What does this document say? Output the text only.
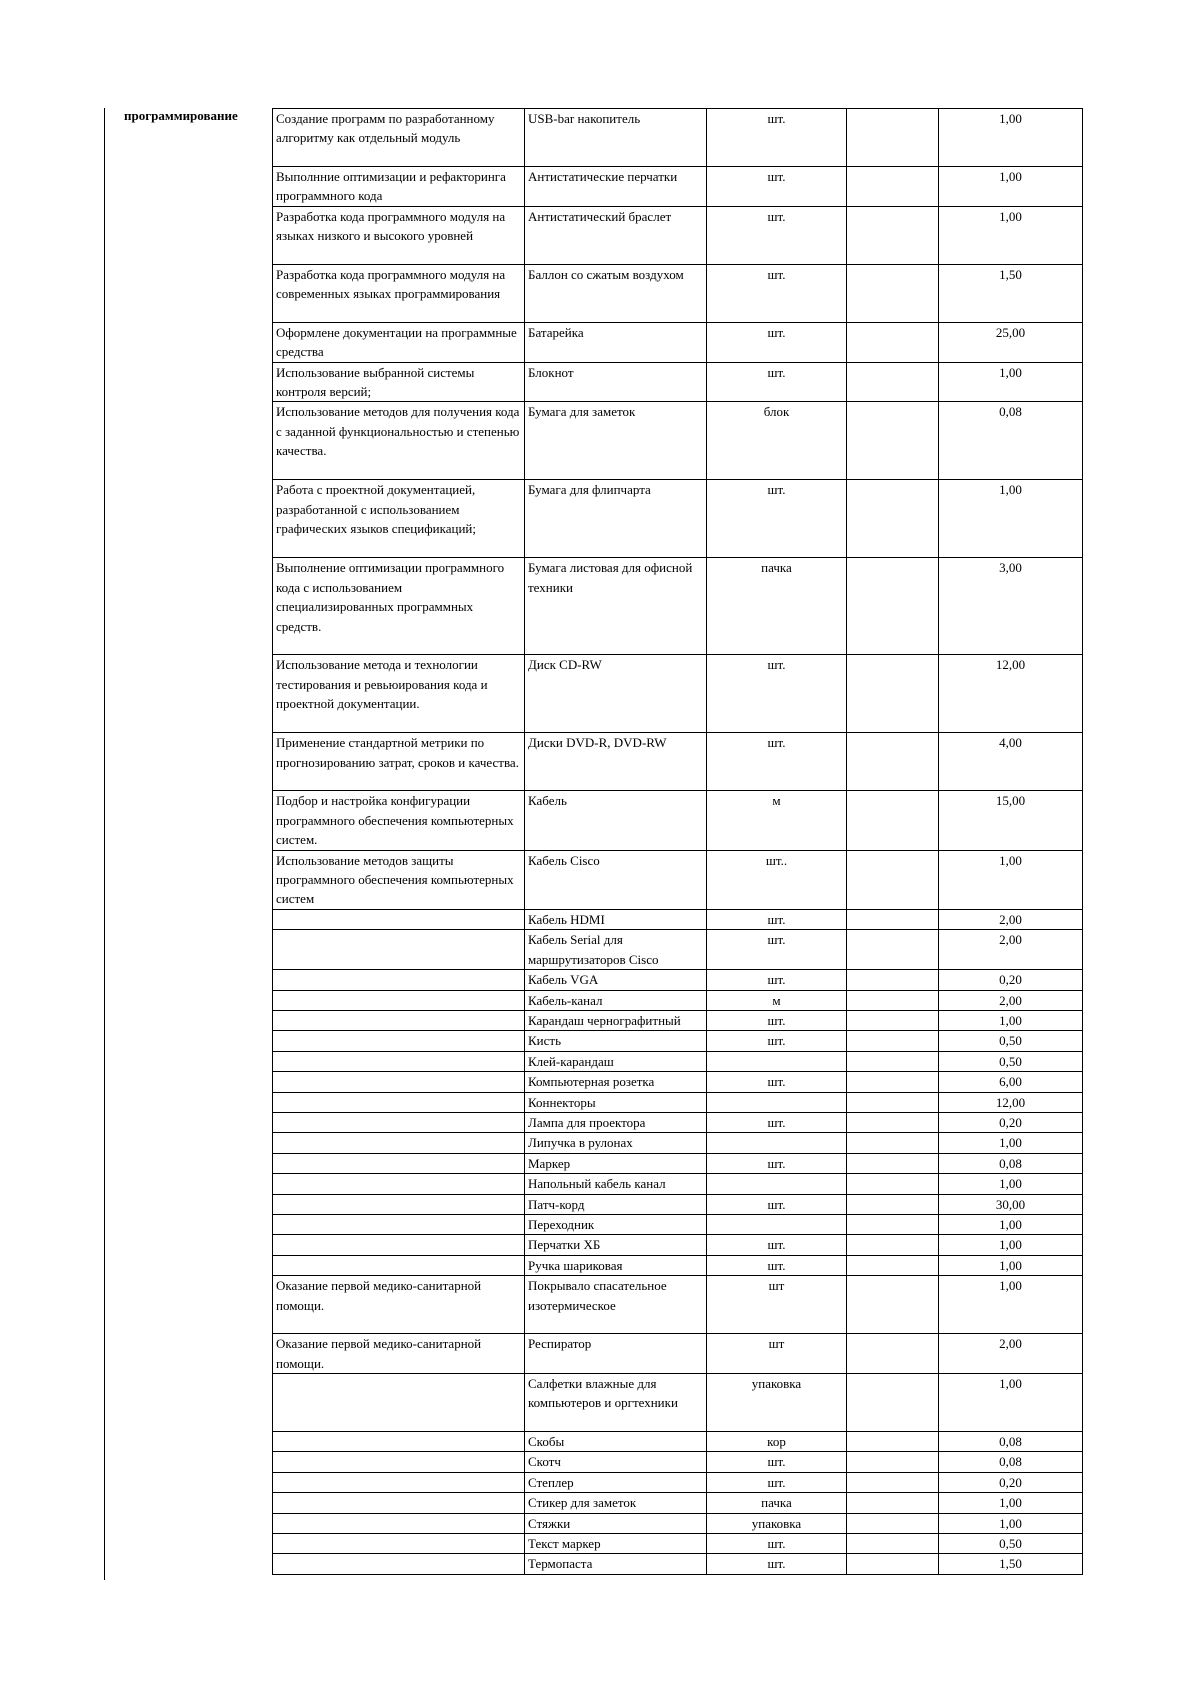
программирование	Создание программ по разработанному алгоритму как отдельный модуль	USB-bar накопитель	шт.		1,00
Выполнние оптимизации и рефакторинга программного кода	Антистатические перчатки	шт.		1,00
Разработка кода программного модуля на языках низкого и высокого уровней	Антистатический браслет	шт.		1,00
Разработка кода программного модуля на современных языках программирования	Баллон со сжатым воздухом	шт.		1,50
Оформлене документации на программные средства	Батарейка	шт.		25,00
Использование выбранной системы контроля версий;	Блокнот	шт.		1,00
Использование методов для получения кода с заданной функциональностью и степенью качества.	Бумага для заметок	блок		0,08
Работа с проектной документацией, разработанной с использованием графических языков спецификаций;	Бумага для флипчарта	шт.		1,00
Выполнение оптимизации программного кода с использованием специализированных программных средств.	Бумага листовая для офисной техники	пачка		3,00
Использование метода и технологии тестирования и ревьюирования кода и проектной документации.	Диск CD-RW	шт.		12,00
Применение стандартной метрики по прогнозированию затрат, сроков и качества.	Диски DVD-R, DVD-RW	шт.		4,00
Подбор и настройка конфигурации программного обеспечения компьютерных систем.	Кабель	м		15,00
Использование методов защиты программного обеспечения компьютерных систем	Кабель Cisco	шт..		1,00
	Кабель HDMI	шт.		2,00
	Кабель Serial для маршрутизаторов Cisco	шт.		2,00
	Кабель VGA	шт.		0,20
	Кабель-канал	м		2,00
	Карандаш чернографитный	шт.		1,00
	Кисть	шт.		0,50
	Клей-карандаш			0,50
	Компьютерная розетка	шт.		6,00
	Коннекторы			12,00
	Лампа для проектора	шт.		0,20
	Липучка в рулонах			1,00
	Маркер	шт.		0,08
	Напольный кабель канал			1,00
	Патч-корд	шт.		30,00
	Переходник			1,00
	Перчатки ХБ	шт.		1,00
	Ручка шариковая	шт.		1,00
Оказание первой медико-санитарной помощи.	Покрывало спасательное изотермическое	шт		1,00
Оказание первой медико-санитарной помощи.	Респиратор	шт		2,00
	Салфетки влажные для компьютеров и оргтехники	упаковка		1,00
	Скобы	кор		0,08
	Скотч	шт.		0,08
	Степлер	шт.		0,20
	Стикер для заметок	пачка		1,00
	Стяжки	упаковка		1,00
	Текст маркер	шт.		0,50
	Термопаста	шт.		1,50
